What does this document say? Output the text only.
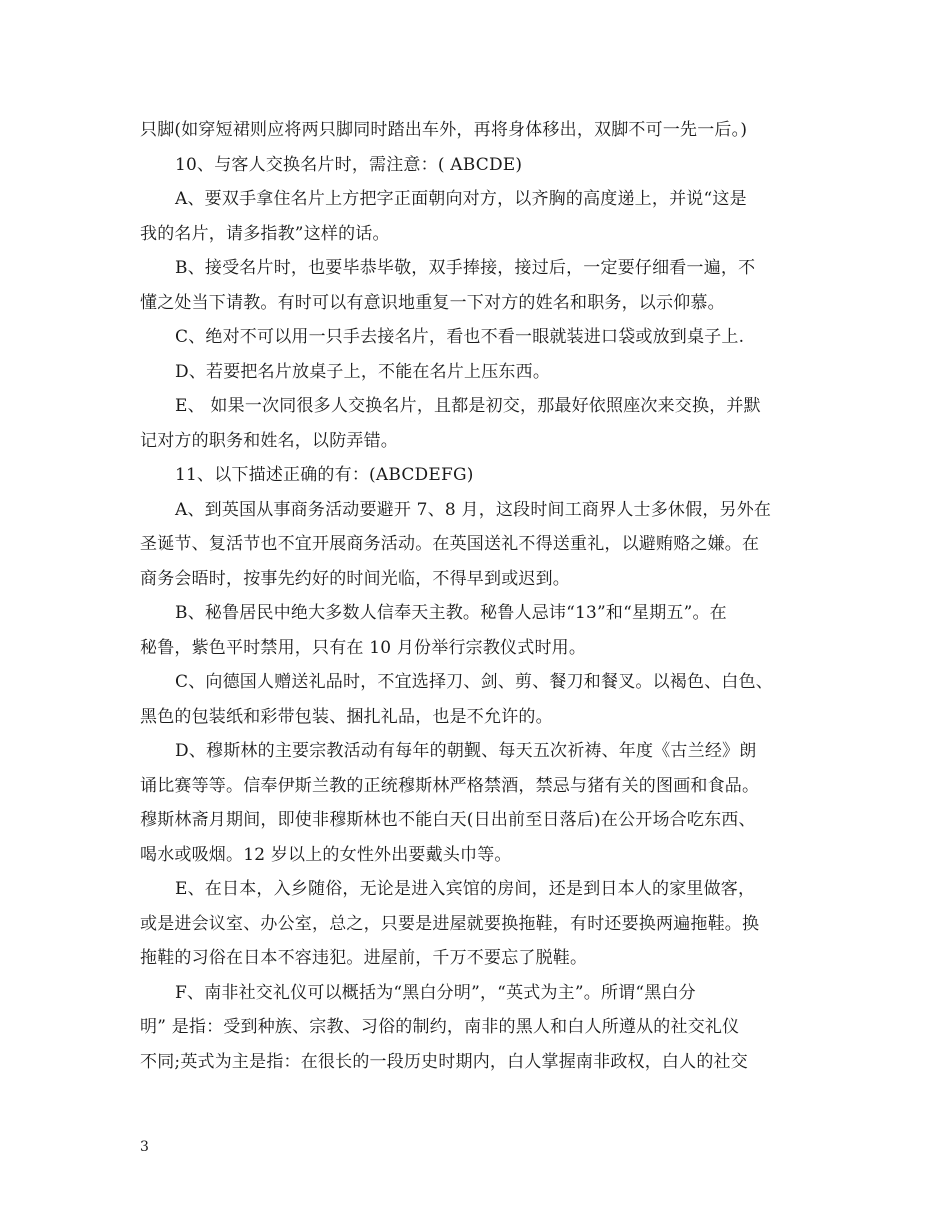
只脚(如穿短裙则应将两只脚同时踏出车外，再将身体移出，双脚不可一先一后。)
10、与客人交换名片时，需注意：( ABCDE)
A、要双手拿住名片上方把字正面朝向对方，以齐胸的高度递上，并说“这是
我的名片，请多指教”这样的话。
B、接受名片时，也要毕恭毕敬，双手捧接，接过后，一定要仔细看一遍，不
懂之处当下请教。有时可以有意识地重复一下对方的姓名和职务，以示仰慕。
C、绝对不可以用一只手去接名片，看也不看一眼就装进口袋或放到桌子上.
D、若要把名片放桌子上，不能在名片上压东西。
E、 如果一次同很多人交换名片，且都是初交，那最好依照座次来交换，并默
记对方的职务和姓名，以防弄错。
11、以下描述正确的有：(ABCDEFG)
A、到英国从事商务活动要避开 7、8 月，这段时间工商界人士多休假，另外在
圣诞节、复活节也不宜开展商务活动。在英国送礼不得送重礼，以避贿赂之嫌。在
商务会晤时，按事先约好的时间光临，不得早到或迟到。
B、秘鲁居民中绝大多数人信奉天主教。秘鲁人忌讳“13”和“星期五”。在
秘鲁，紫色平时禁用，只有在 10 月份举行宗教仪式时用。
C、向德国人赠送礼品时，不宜选择刀、剑、剪、餐刀和餐叉。以褐色、白色、
黑色的包装纸和彩带包装、捆扎礼品，也是不允许的。
D、穆斯林的主要宗教活动有每年的朝觐、每天五次祈祷、年度《古兰经》朗
诵比赛等等。信奉伊斯兰教的正统穆斯林严格禁酒，禁忌与猪有关的图画和食品。
穆斯林斋月期间，即使非穆斯林也不能白天(日出前至日落后)在公开场合吃东西、
喝水或吸烟。12 岁以上的女性外出要戴头巾等。
E、在日本，入乡随俗，无论是进入宾馆的房间，还是到日本人的家里做客，
或是进会议室、办公室，总之，只要是进屋就要换拖鞋，有时还要换两遍拖鞋。换
拖鞋的习俗在日本不容违犯。进屋前，千万不要忘了脱鞋。
F、南非社交礼仪可以概括为“黑白分明”，“英式为主”。所谓“黑白分
明” 是指：受到种族、宗教、习俗的制约，南非的黑人和白人所遵从的社交礼仪
不同;英式为主是指：在很长的一段历史时期内，白人掌握南非政权，白人的社交
3
